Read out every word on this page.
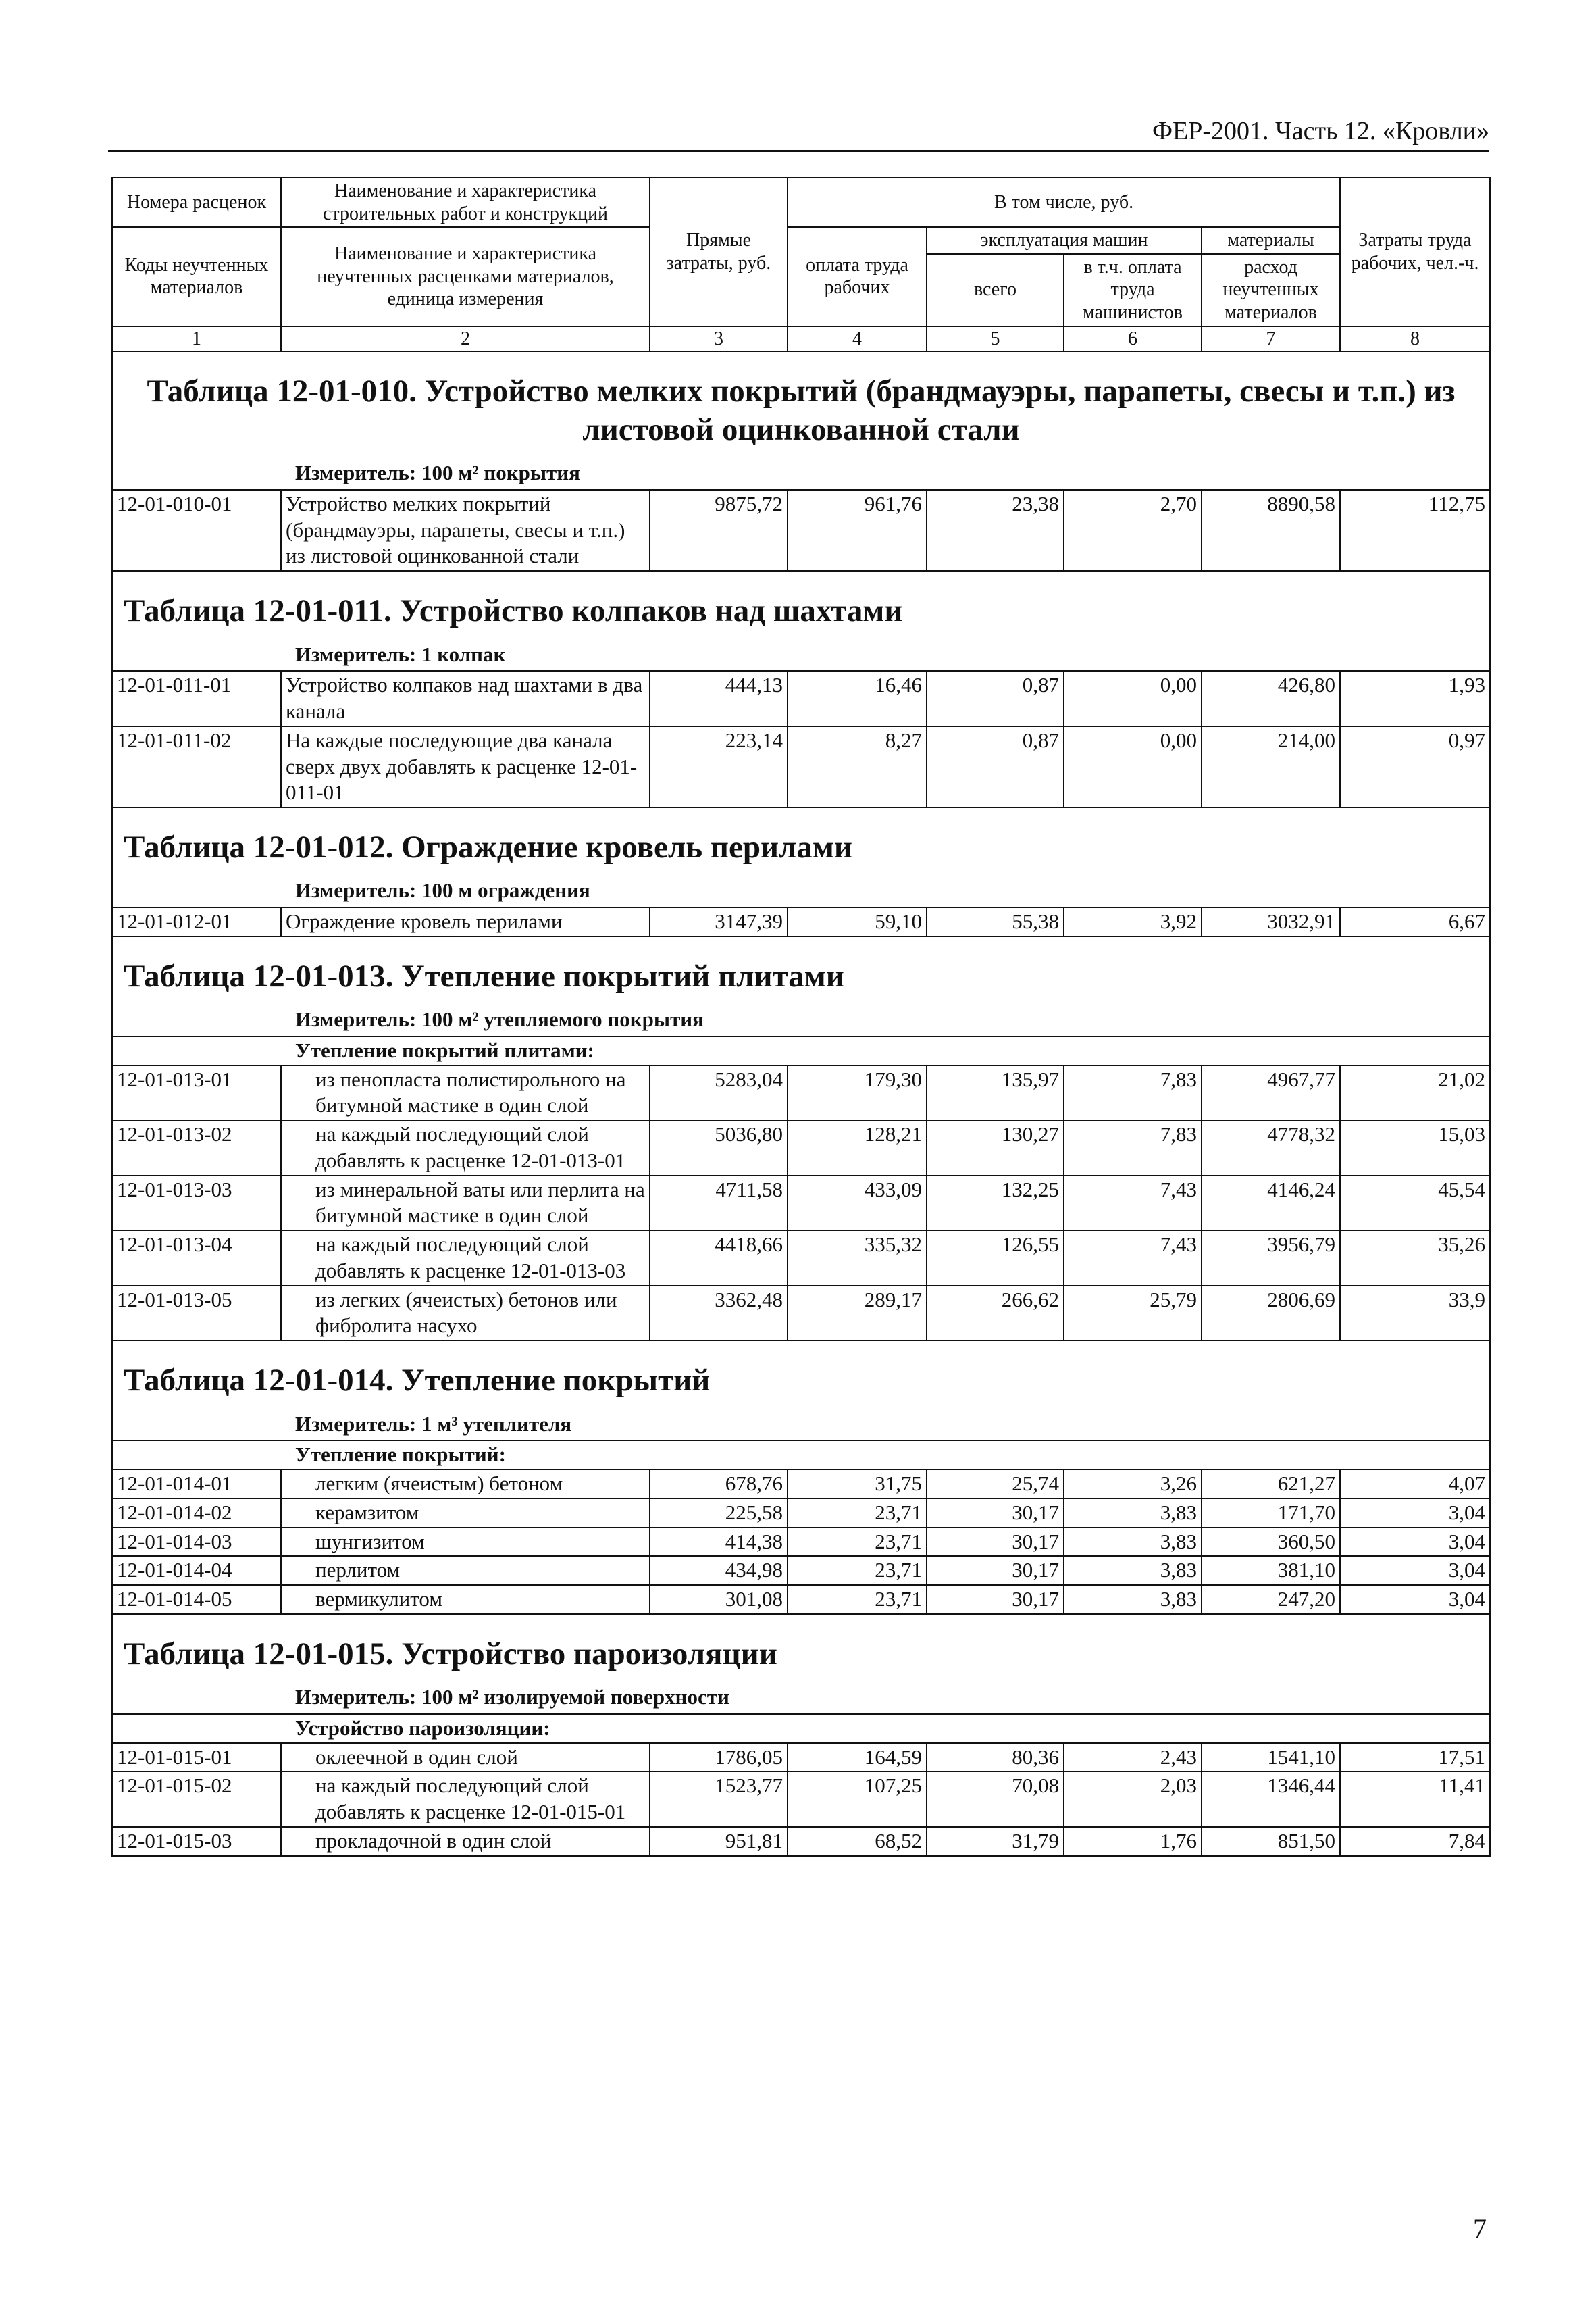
ФЕР-2001. Часть 12. «Кровли»
Номера расценок	Наименование и характеристика строительных работ и конструкций	Прямые затраты, руб.	В том числе, руб.				Затраты труда рабочих, чел.-ч.
Коды неучтенных материалов	Наименование и характеристика неучтенных расценками материалов, единица измерения		оплата труда рабочих	эксплуатация машин		материалы	
				всего	в т.ч. оплата труда машинистов	расход неучтенных материалов	
1	2	3	4	5	6	7	8
Таблица 12-01-010. Устройство мелких покрытий (брандмауэры, парапеты, свесы и т.п.) из листовой оцинкованной стали							
Измеритель: 100 м² покрытия							
12-01-010-01	Устройство мелких покрытий (брандмауэры, парапеты, свесы и т.п.) из листовой оцинкованной стали	9875,72	961,76	23,38	2,70	8890,58	112,75
Таблица 12-01-011. Устройство колпаков над шахтами							
Измеритель: 1 колпак							
12-01-011-01	Устройство колпаков над шахтами в два канала	444,13	16,46	0,87	0,00	426,80	1,93
12-01-011-02	На каждые последующие два канала сверх двух добавлять к расценке 12-01-011-01	223,14	8,27	0,87	0,00	214,00	0,97
Таблица 12-01-012. Ограждение кровель перилами							
Измеритель: 100 м ограждения							
12-01-012-01	Ограждение кровель перилами	3147,39	59,10	55,38	3,92	3032,91	6,67
Таблица 12-01-013. Утепление покрытий плитами							
Измеритель: 100 м² утепляемого покрытия							
Утепление покрытий плитами:							
12-01-013-01	из пенопласта полистирольного на битумной мастике в один слой	5283,04	179,30	135,97	7,83	4967,77	21,02
12-01-013-02	на каждый последующий слой добавлять к расценке 12-01-013-01	5036,80	128,21	130,27	7,83	4778,32	15,03
12-01-013-03	из минеральной ваты или перлита на битумной мастике в один слой	4711,58	433,09	132,25	7,43	4146,24	45,54
12-01-013-04	на каждый последующий слой добавлять к расценке 12-01-013-03	4418,66	335,32	126,55	7,43	3956,79	35,26
12-01-013-05	из легких (ячеистых) бетонов или фибролита насухо	3362,48	289,17	266,62	25,79	2806,69	33,9
Таблица 12-01-014. Утепление покрытий							
Измеритель: 1 м³ утеплителя							
Утепление покрытий:							
12-01-014-01	легким (ячеистым) бетоном	678,76	31,75	25,74	3,26	621,27	4,07
12-01-014-02	керамзитом	225,58	23,71	30,17	3,83	171,70	3,04
12-01-014-03	шунгизитом	414,38	23,71	30,17	3,83	360,50	3,04
12-01-014-04	перлитом	434,98	23,71	30,17	3,83	381,10	3,04
12-01-014-05	вермикулитом	301,08	23,71	30,17	3,83	247,20	3,04
Таблица 12-01-015. Устройство пароизоляции							
Измеритель: 100 м² изолируемой поверхности							
Устройство пароизоляции:							
12-01-015-01	оклеечной в один слой	1786,05	164,59	80,36	2,43	1541,10	17,51
12-01-015-02	на каждый последующий слой добавлять к расценке 12-01-015-01	1523,77	107,25	70,08	2,03	1346,44	11,41
12-01-015-03	прокладочной в один слой	951,81	68,52	31,79	1,76	851,50	7,84
7
